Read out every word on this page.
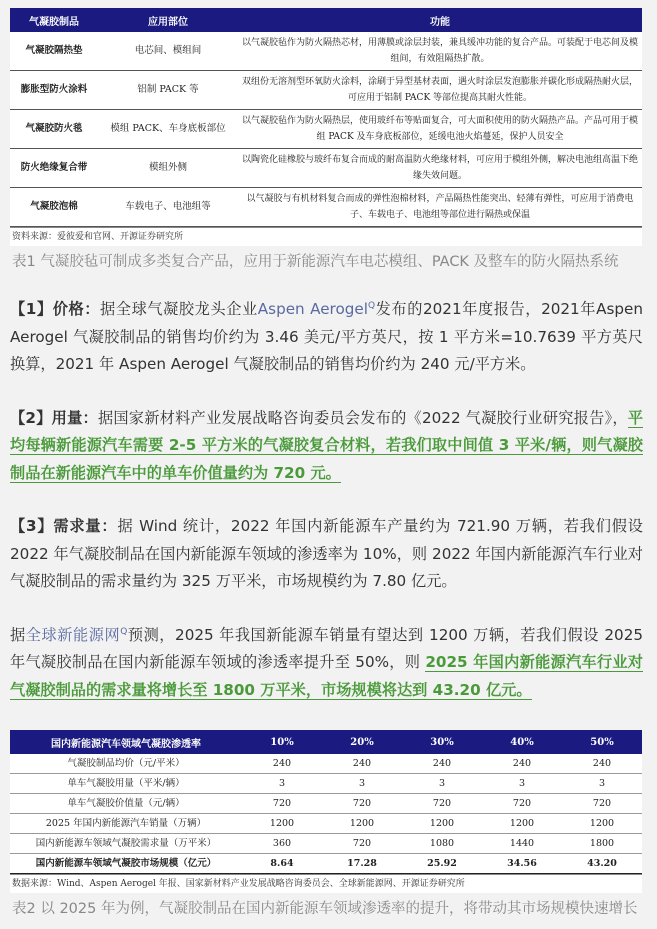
气凝胶制品	应用部位	功能
气凝胶隔热垫	电芯间、模组间	以气凝胶毡作为防火隔热芯材，用薄膜或涂层封装，兼具缓冲功能的复合产品。可装配于电芯间及模组间，有效阻隔热扩散。
膨胀型防火涂料	铝制 PACK 等	双组份无溶剂型环氧防火涂料，涂刷于异型基材表面，遇火时涂层发泡膨胀并碳化形成隔热耐火层，可应用于铝制 PACK 等部位提高其耐火性能。
气凝胶防火毯	模组 PACK、车身底板部位	以气凝胶毡作为防火隔热层，使用玻纤布等贴面复合，可大面积使用的防火隔热产品。产品可用于模组 PACK 及车身底板部位，延缓电池火焰蔓延，保护人员安全
防火绝缘复合带	模组外侧	以陶瓷化硅橡胶与玻纤布复合而成的耐高温防火绝缘材料，可应用于模组外侧，解决电池组高温下绝缘失效问题。
气凝胶泡棉	车载电子、电池组等	以气凝胶与有机材料复合而成的弹性泡棉材料，产品隔热性能突出、轻薄有弹性，可应用于消费电子、车载电子、电池组等部位进行隔热或保温
资料来源：爱彼爱和官网、开源证券研究所
表1 气凝胶毡可制成多类复合产品，应用于新能源汽车电芯模组、PACK 及整车的防火隔热系统
【1】价格：据全球气凝胶龙头企业Aspen Aerogel$^Q$发布的2021年度报告，2021年Aspen Aerogel 气凝胶制品的销售均价约为 3.46 美元/平方英尺，按 1 平方米=10.7639 平方英尺换算，2021 年 Aspen Aerogel 气凝胶制品的销售均价约为 240 元/平方米。
【2】用量：据国家新材料产业发展战略咨询委员会发布的《2022 气凝胶行业研究报告》，平均每辆新能源汽车需要 2-5 平方米的气凝胶复合材料，若我们取中间值 3 平米/辆，则气凝胶制品在新能源汽车中的单车价值量约为 720 元。
【3】需求量：据 Wind 统计，2022 年国内新能源车产量约为 721.90 万辆，若我们假设 2022 年气凝胶制品在国内新能源车领域的渗透率为 10%，则 2022 年国内新能源汽车行业对气凝胶制品的需求量约为 325 万平米，市场规模约为 7.80 亿元。
据全球新能源网$^Q$预测，2025 年我国新能源车销量有望达到 1200 万辆，若我们假设 2025 年气凝胶制品在国内新能源车领域的渗透率提升至 50%，则 2025 年国内新能源汽车行业对气凝胶制品的需求量将增长至 1800 万平米，市场规模将达到 43.20 亿元。
国内新能源汽车领域气凝胶渗透率	10%	20%	30%	40%	50%
气凝胶制品均价（元/平米）	240	240	240	240	240
单车气凝胶用量（平米/辆）	3	3	3	3	3
单车气凝胶价值量（元/辆）	720	720	720	720	720
2025 年国内新能源汽车销量（万辆）	1200	1200	1200	1200	1200
国内新能源车领域气凝胶需求量（万平米）	360	720	1080	1440	1800
国内新能源车领域气凝胶市场规模（亿元）	8.64	17.28	25.92	34.56	43.20
数据来源：Wind、Aspen Aerogel 年报、国家新材料产业发展战略咨询委员会、全球新能源网、开源证券研究所
表2 以 2025 年为例，气凝胶制品在国内新能源车领域渗透率的提升，将带动其市场规模快速增长
